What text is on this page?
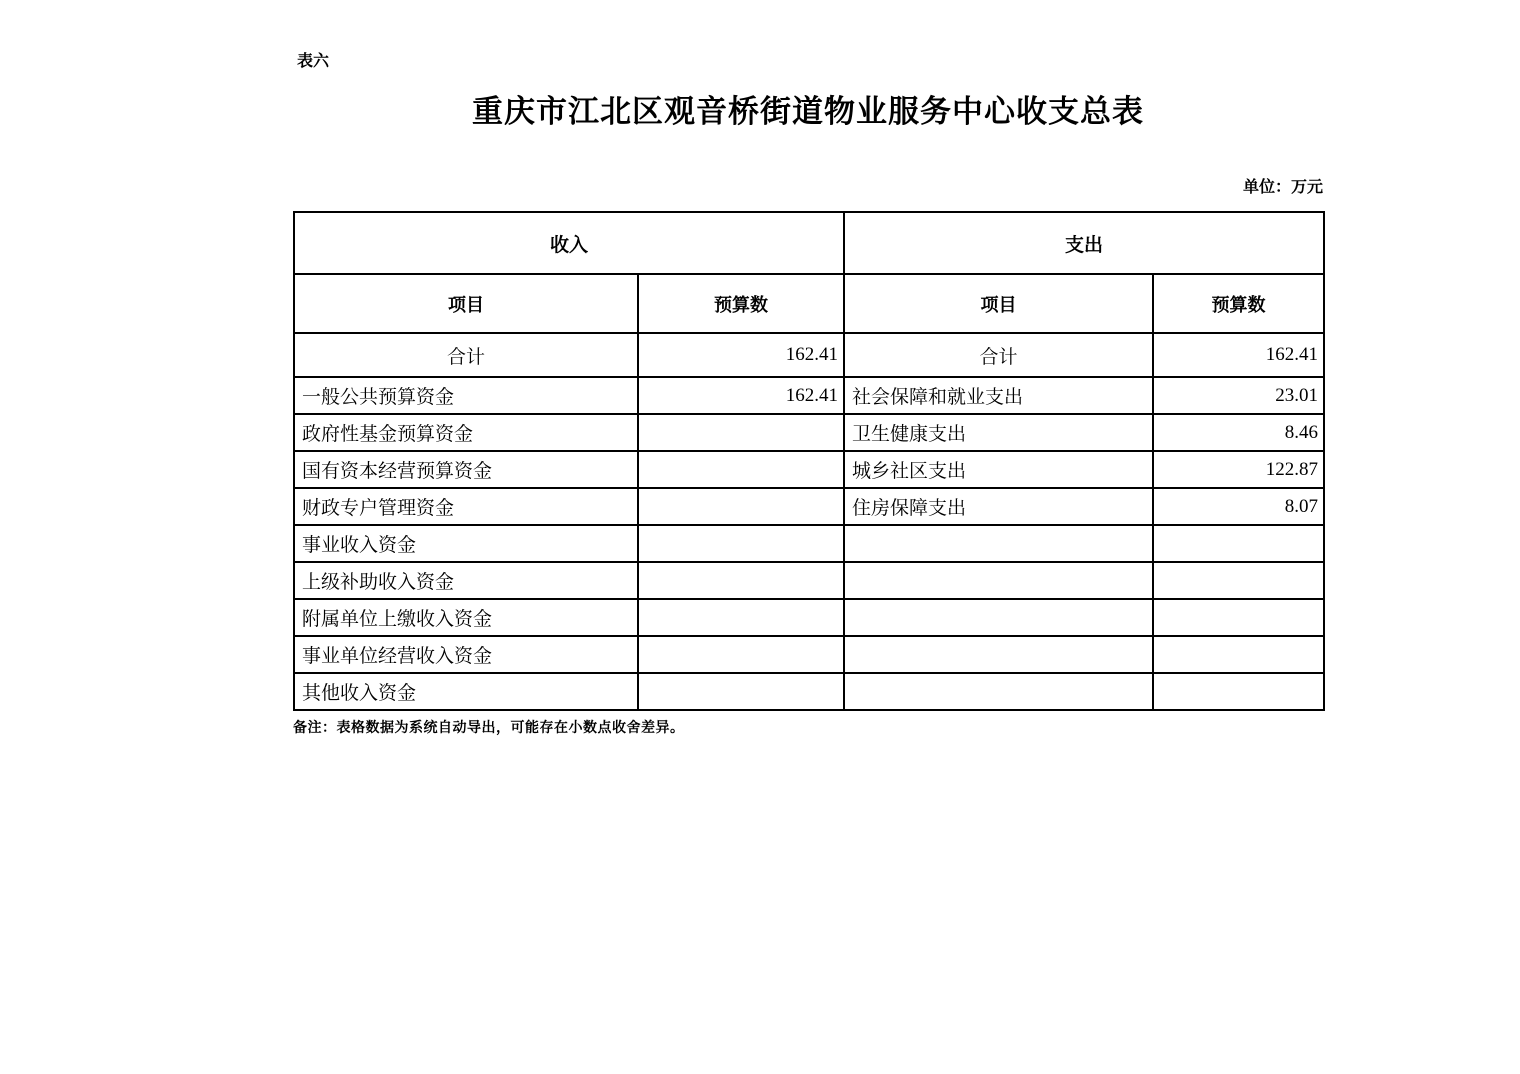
表六
重庆市江北区观音桥街道物业服务中心收支总表
单位：万元
收入		支出	
项目	预算数	项目	预算数
合计	162.41	合计	162.41
一般公共预算资金	162.41	社会保障和就业支出	23.01
政府性基金预算资金		卫生健康支出	8.46
国有资本经营预算资金		城乡社区支出	122.87
财政专户管理资金		住房保障支出	8.07
事业收入资金			
上级补助收入资金			
附属单位上缴收入资金			
事业单位经营收入资金			
其他收入资金			
备注：表格数据为系统自动导出，可能存在小数点收舍差异。
